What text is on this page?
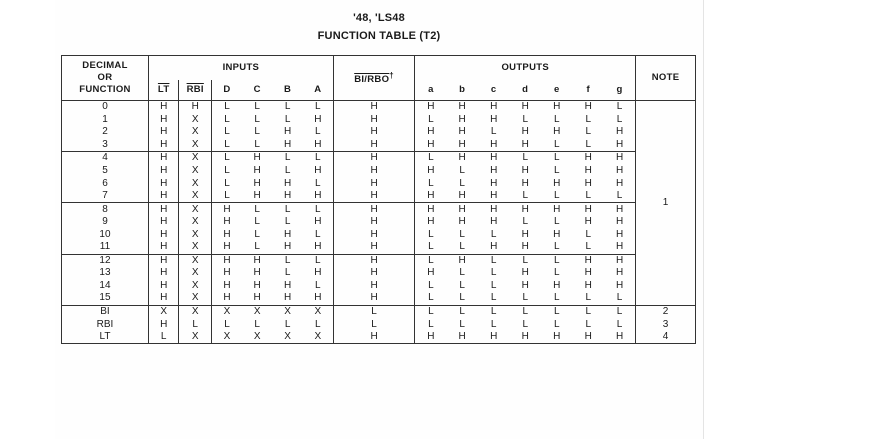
'48, 'LS48
FUNCTION TABLE (T2)
DECIMAL
OR
FUNCTION	INPUTS						BI/RBO†	OUTPUTS							NOTE
	$\overline{LT}$	$\overline{RBI}$	D	C	B	A		a	b	c	d	e	f	g	
0	H	H	L	L	L	L	H	H	H	H	H	H	H	L	1
1	H	X	L	L	L	H	H	L	H	H	L	L	L	L	
2	H	X	L	L	H	L	H	H	H	L	H	H	L	H	
3	H	X	L	L	H	H	H	H	H	H	H	L	L	H	
4	H	X	L	H	L	L	H	L	H	H	L	L	H	H	
5	H	X	L	H	L	H	H	H	L	H	H	L	H	H	
6	H	X	L	H	H	L	H	L	L	H	H	H	H	H	
7	H	X	L	H	H	H	H	H	H	H	L	L	L	L	
8	H	X	H	L	L	L	H	H	H	H	H	H	H	H	
9	H	X	H	L	L	H	H	H	H	H	L	L	H	H	
10	H	X	H	L	H	L	H	L	L	L	H	H	L	H	
11	H	X	H	L	H	H	H	L	L	H	H	L	L	H	
12	H	X	H	H	L	L	H	L	H	L	L	L	H	H	
13	H	X	H	H	L	H	H	H	L	L	H	L	H	H	
14	H	X	H	H	H	L	H	L	L	L	H	H	H	H	
15	H	X	H	H	H	H	H	L	L	L	L	L	L	L	
BI	X	X	X	X	X	X	L	L	L	L	L	L	L	L	2
RBI	H	L	L	L	L	L	L	L	L	L	L	L	L	L	3
LT	L	X	X	X	X	X	H	H	H	H	H	H	H	H	4
